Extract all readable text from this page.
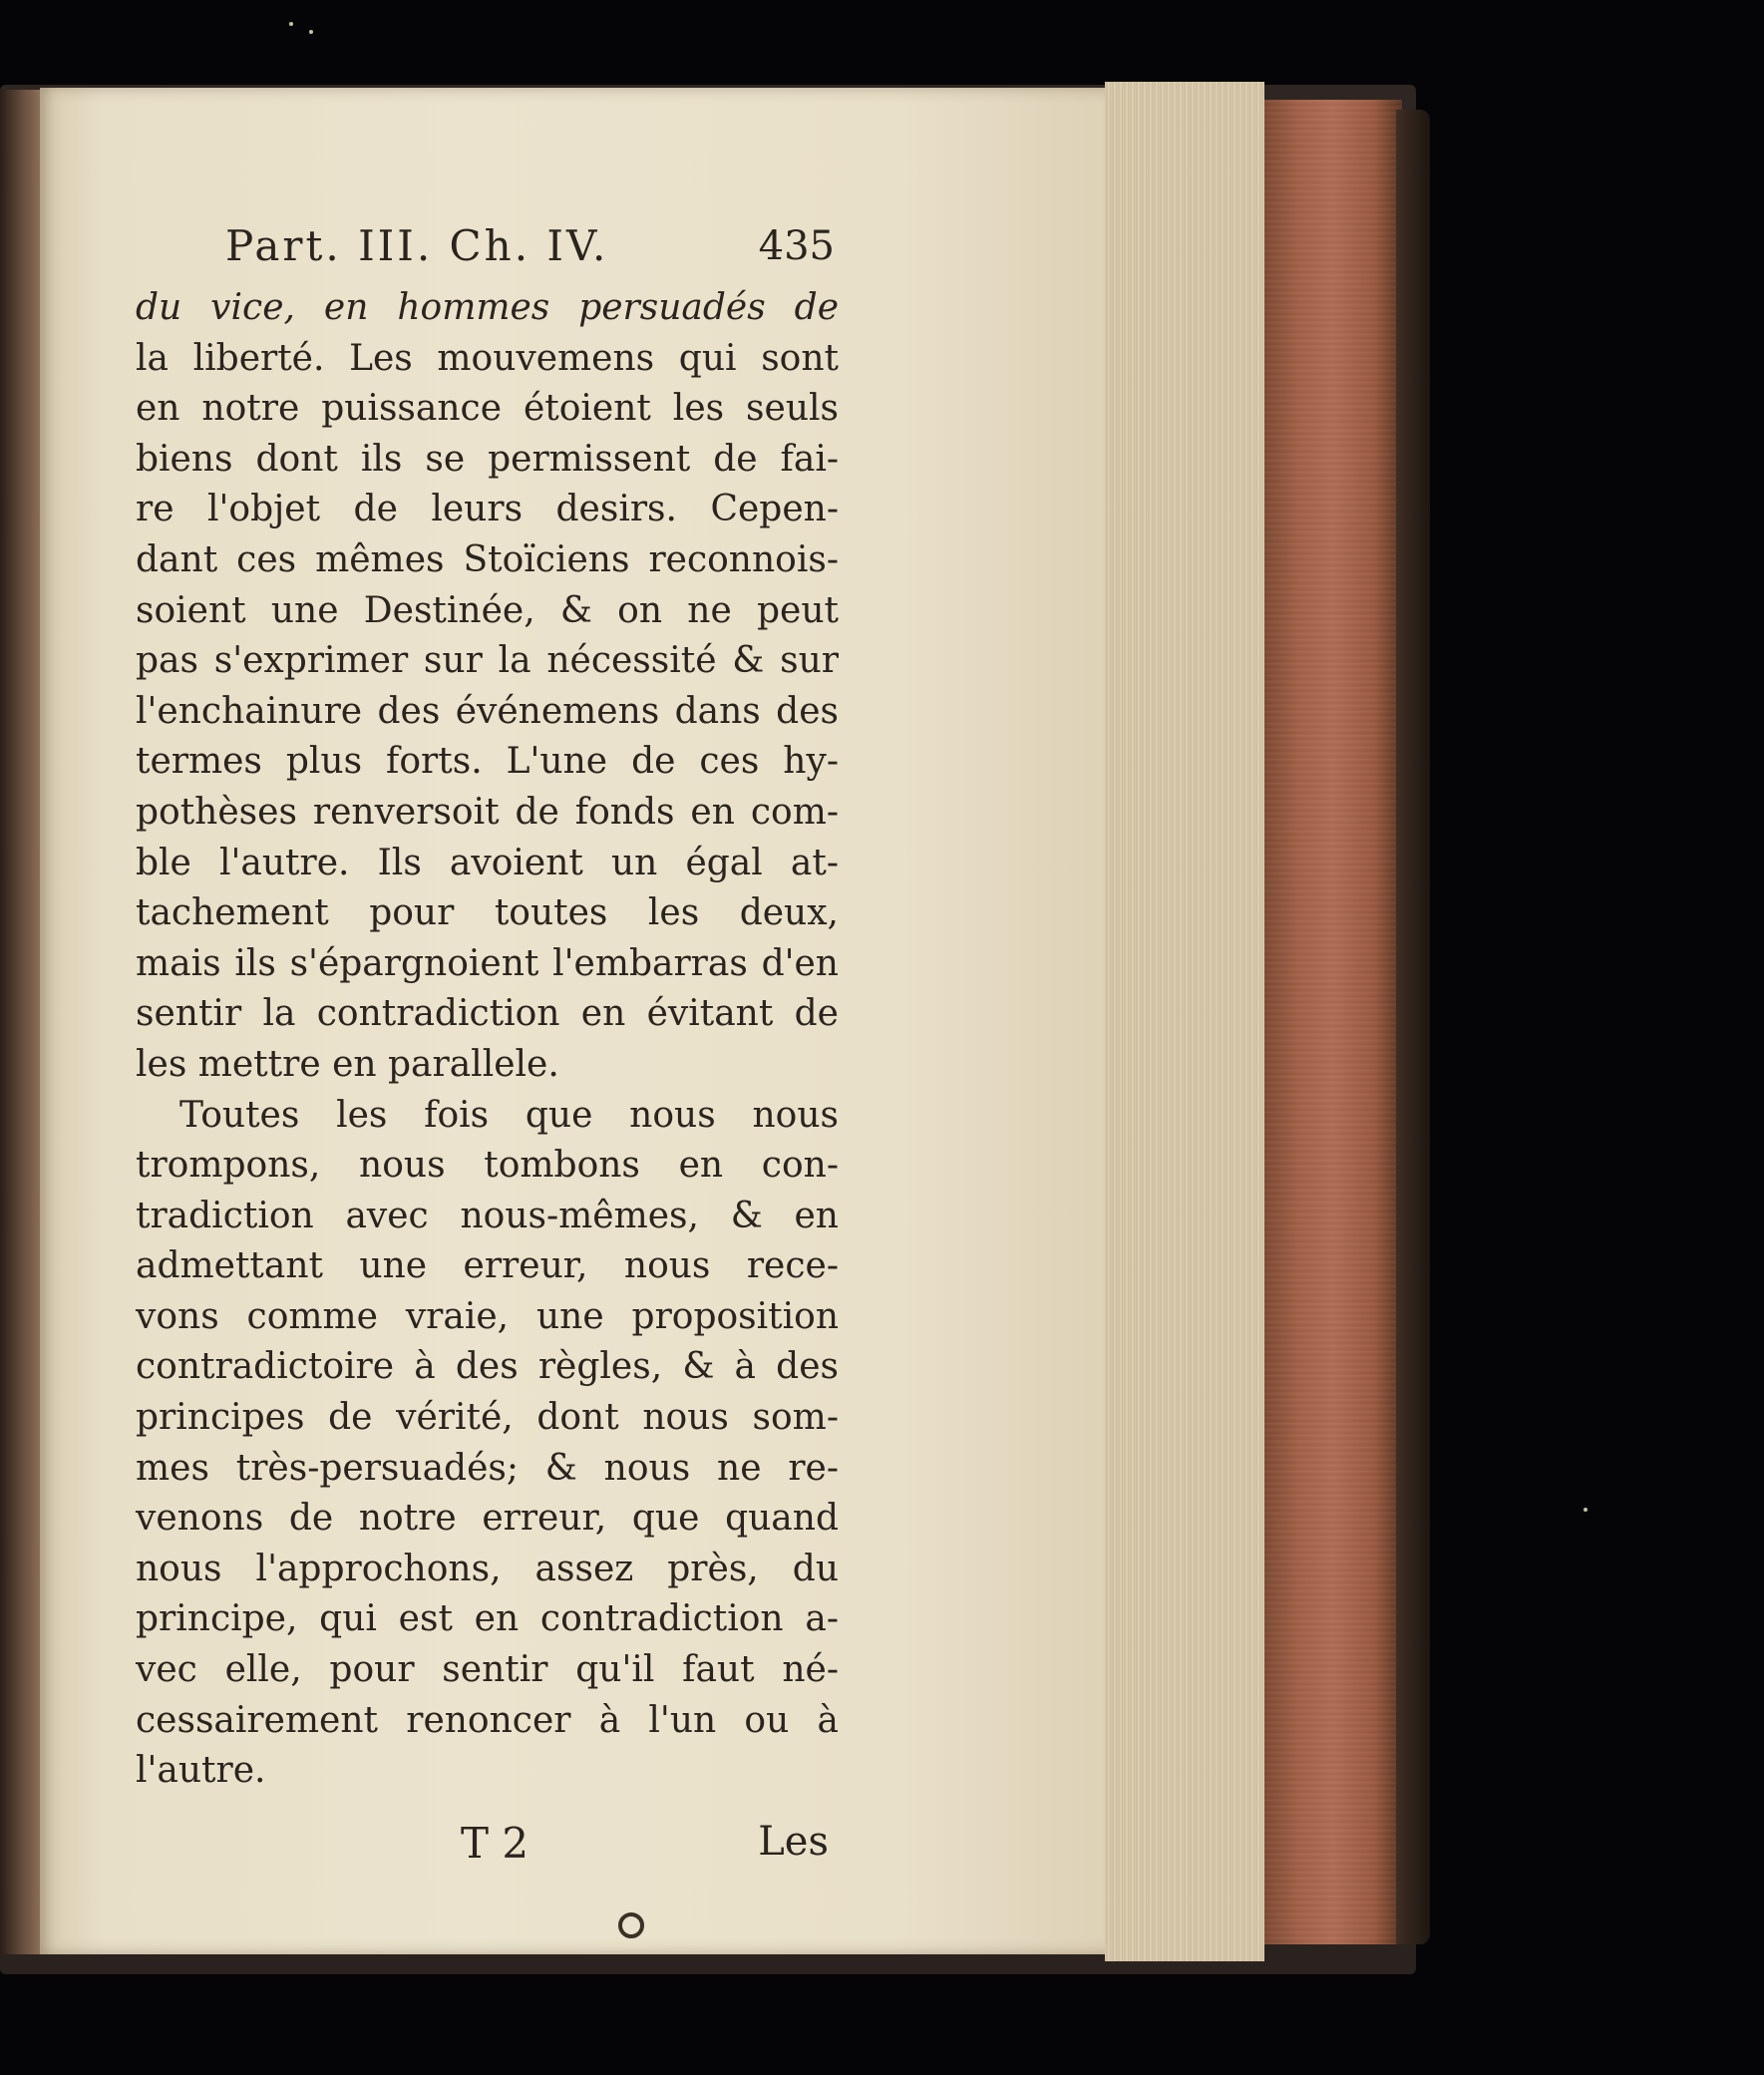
Part. III. Ch. IV.	435
du vice, en hommes persuadés de
la liberté. Les mouvemens qui sont
en notre puissance étoient les seuls
biens dont ils se permissent de fai-
re l'objet de leurs desirs. Cepen-
dant ces mêmes Stoïciens reconnois-
soient une Destinée, & on ne peut
pas s'exprimer sur la nécessité & sur
l'enchainure des événemens dans des
termes plus forts. L'une de ces hy-
pothèses renversoit de fonds en com-
ble l'autre. Ils avoient un égal at-
tachement pour toutes les deux,
mais ils s'épargnoient l'embarras d'en
sentir la contradiction en évitant de
les mettre en parallele.
Toutes les fois que nous nous
trompons, nous tombons en con-
tradiction avec nous-mêmes, & en
admettant une erreur, nous rece-
vons comme vraie, une proposition
contradictoire à des règles, & à des
principes de vérité, dont nous som-
mes très-persuadés; & nous ne re-
venons de notre erreur, que quand
nous l'approchons, assez près, du
principe, qui est en contradiction a-
vec elle, pour sentir qu'il faut né-
cessairement renoncer à l'un ou à
l'autre.
T 2	Les
